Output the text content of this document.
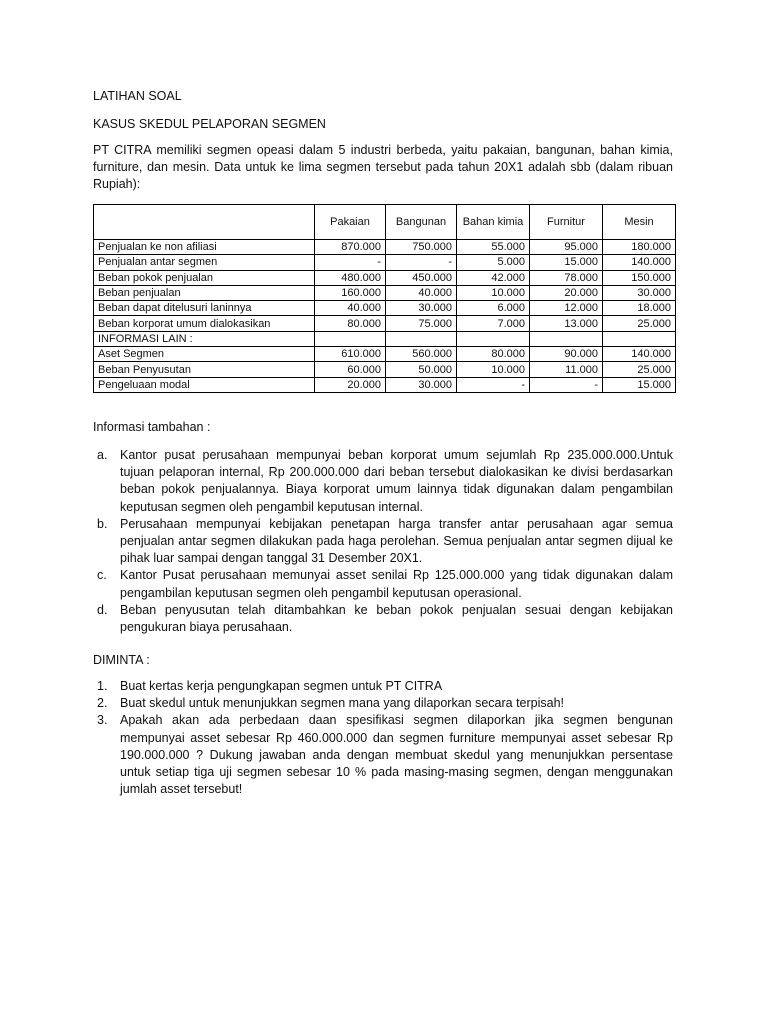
LATIHAN SOAL
KASUS SKEDUL PELAPORAN SEGMEN
PT CITRA memiliki segmen opeasi dalam 5 industri berbeda, yaitu pakaian, bangunan, bahan kimia, furniture, dan mesin. Data untuk ke lima segmen tersebut pada tahun 20X1 adalah sbb (dalam ribuan Rupiah):
	Pakaian	Bangunan	Bahan kimia	Furnitur	Mesin
Penjualan ke non afiliasi	870.000	750.000	55.000	95.000	180.000
Penjualan antar segmen	-	-	5.000	15.000	140.000
Beban pokok penjualan	480.000	450.000	42.000	78.000	150.000
Beban penjualan	160.000	40.000	10.000	20.000	30.000
Beban dapat ditelusuri laninnya	40.000	30.000	6.000	12.000	18.000
Beban korporat umum dialokasikan	80.000	75.000	7.000	13.000	25.000
INFORMASI LAIN :					
Aset Segmen	610.000	560.000	80.000	90.000	140.000
Beban Penyusutan	60.000	50.000	10.000	11.000	25.000
Pengeluaan modal	20.000	30.000	-	-	15.000
Informasi tambahan :
a. Kantor pusat perusahaan mempunyai beban korporat umum sejumlah Rp 235.000.000.Untuk tujuan pelaporan internal, Rp 200.000.000 dari beban tersebut dialokasikan ke divisi berdasarkan beban pokok penjualannya. Biaya korporat umum lainnya tidak digunakan dalam pengambilan keputusan segmen oleh pengambil keputusan internal.
b. Perusahaan mempunyai kebijakan penetapan harga transfer antar perusahaan agar semua penjualan antar segmen dilakukan pada haga perolehan. Semua penjualan antar segmen dijual ke pihak luar sampai dengan tanggal 31 Desember 20X1.
c. Kantor Pusat perusahaan memunyai asset senilai Rp 125.000.000 yang tidak digunakan dalam pengambilan keputusan segmen oleh pengambil keputusan operasional.
d. Beban penyusutan telah ditambahkan ke beban pokok penjualan sesuai dengan kebijakan pengukuran biaya perusahaan.
DIMINTA :
1. Buat kertas kerja pengungkapan segmen untuk PT CITRA
2. Buat skedul untuk menunjukkan segmen mana yang dilaporkan secara terpisah!
3. Apakah akan ada perbedaan daan spesifikasi segmen dilaporkan jika segmen bengunan mempunyai asset sebesar Rp 460.000.000 dan segmen furniture mempunyai asset sebesar Rp 190.000.000 ? Dukung jawaban anda dengan membuat skedul yang menunjukkan persentase untuk setiap tiga uji segmen sebesar 10 % pada masing-masing segmen, dengan menggunakan jumlah asset tersebut!
